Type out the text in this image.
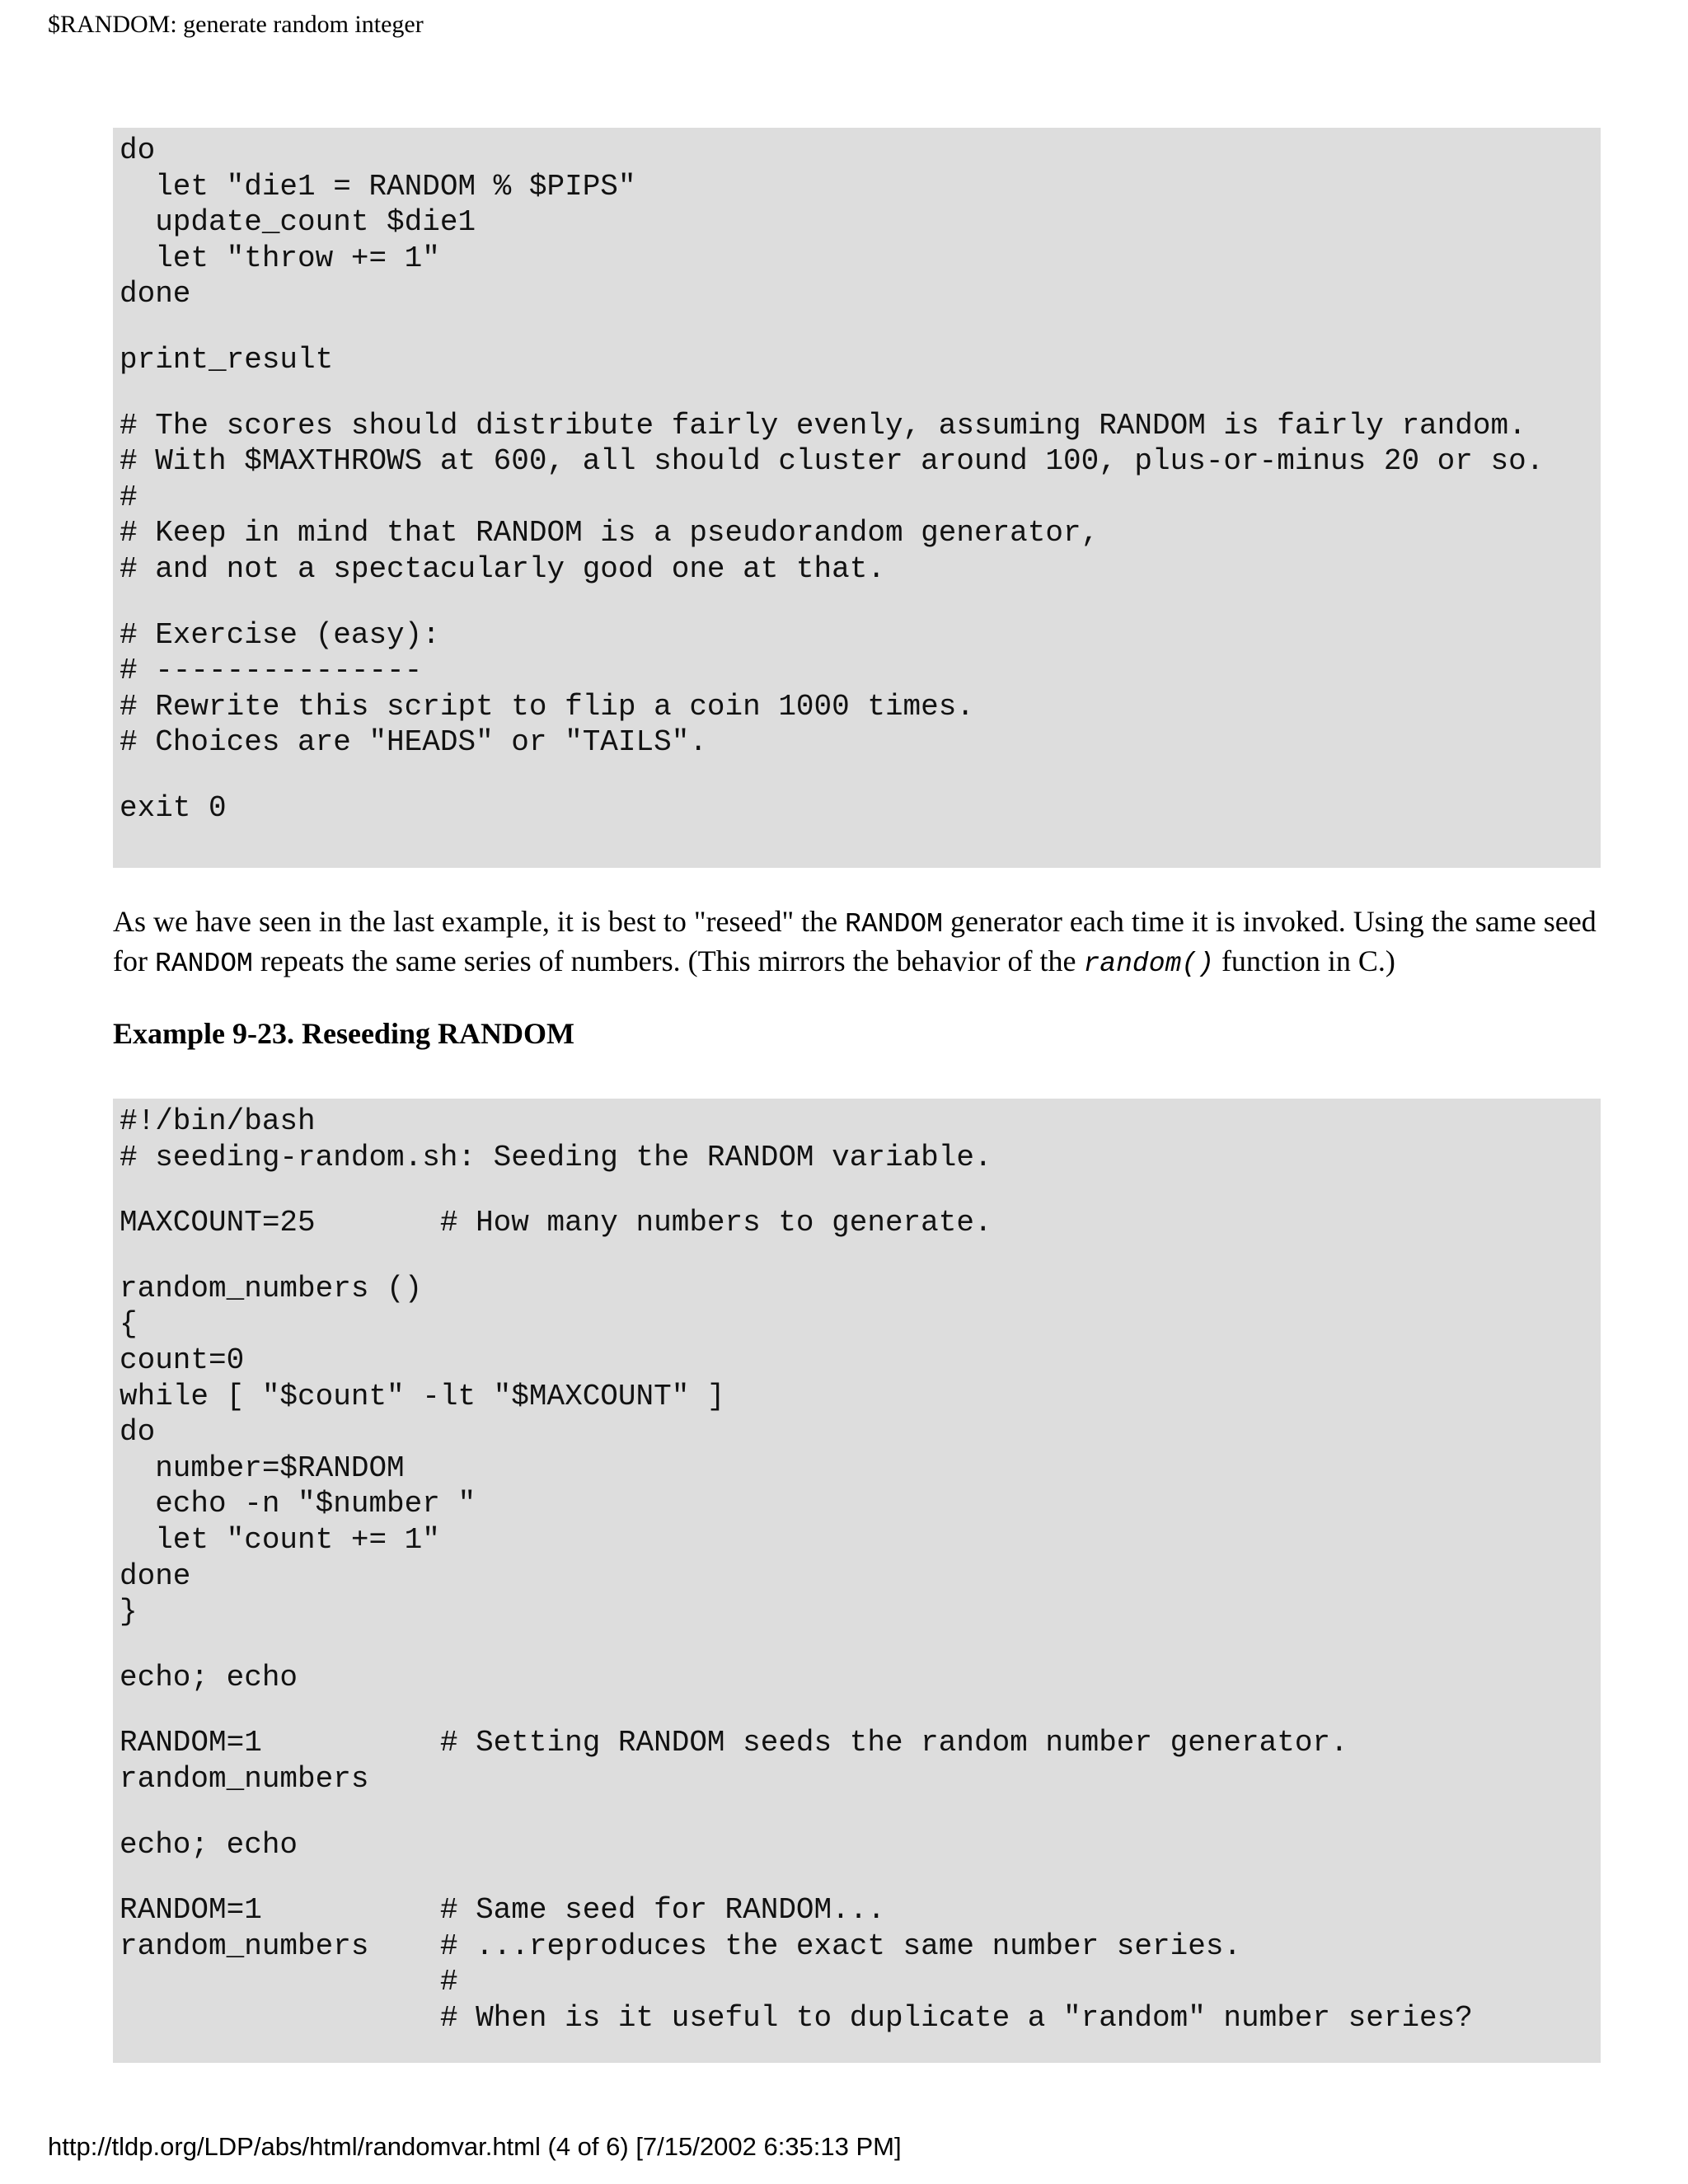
$RANDOM: generate random integer
do
let "die1 = RANDOM % $PIPS"
update_count $die1
let "throw += 1"
done
print_result
# The scores should distribute fairly evenly, assuming RANDOM is fairly random.
# With $MAXTHROWS at 600, all should cluster around 100, plus-or-minus 20 or so.
#
# Keep in mind that RANDOM is a pseudorandom generator,
# and not a spectacularly good one at that.
# Exercise (easy):
# ---------------
# Rewrite this script to flip a coin 1000 times.
# Choices are "HEADS" or "TAILS".
exit 0
As we have seen in the last example, it is best to "reseed" the RANDOM generator each time it is invoked. Using the same seed for RANDOM repeats the same series of numbers. (This mirrors the behavior of the random() function in C.)
Example 9-23. Reseeding RANDOM
#!/bin/bash
# seeding-random.sh: Seeding the RANDOM variable.
MAXCOUNT=25       # How many numbers to generate.
random_numbers ()
{
count=0
while [ "$count" -lt "$MAXCOUNT" ]
do
number=$RANDOM
echo -n "$number "
let "count += 1"
done
}
echo; echo
RANDOM=1          # Setting RANDOM seeds the random number generator.
random_numbers
echo; echo
RANDOM=1          # Same seed for RANDOM...
random_numbers    # ...reproduces the exact same number series.
#
# When is it useful to duplicate a "random" number series?
http://tldp.org/LDP/abs/html/randomvar.html (4 of 6) [7/15/2002 6:35:13 PM]
